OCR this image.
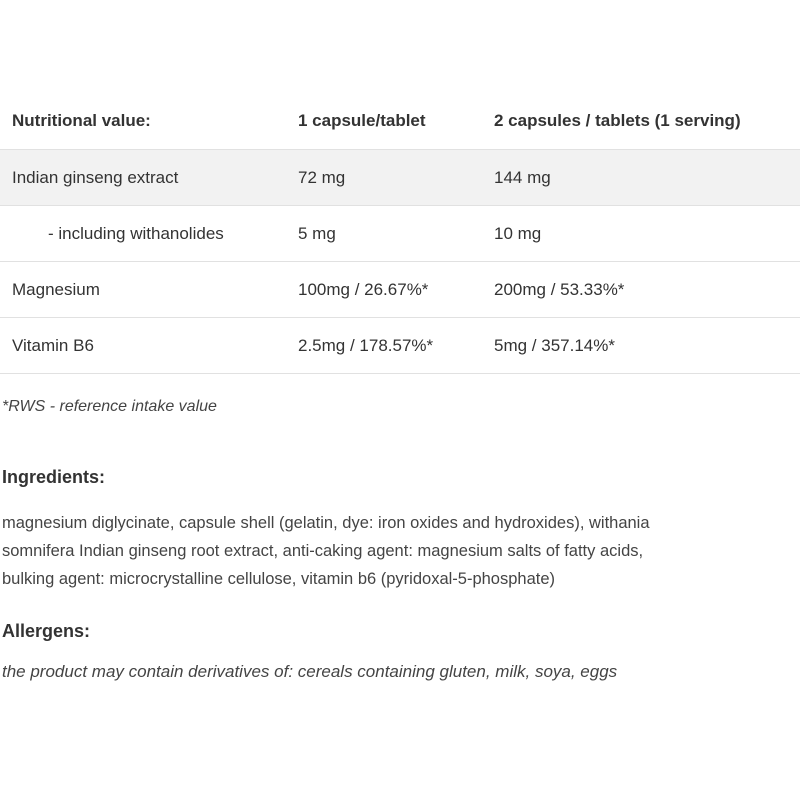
Nutritional value:	1 capsule/tablet	2 capsules / tablets (1 serving)
Indian ginseng extract	72 mg	144 mg
- including withanolides	5 mg	10 mg
Magnesium	100mg / 26.67%*	200mg / 53.33%*
Vitamin B6	2.5mg / 178.57%*	5mg / 357.14%*

*RWS - reference intake value

Ingredients:

magnesium diglycinate, capsule shell (gelatin, dye: iron oxides and hydroxides), withania
somnifera Indian ginseng root extract, anti-caking agent: magnesium salts of fatty acids,
bulking agent: microcrystalline cellulose, vitamin b6 (pyridoxal-5-phosphate)

Allergens:

the product may contain derivatives of: cereals containing gluten, milk, soya, eggs
